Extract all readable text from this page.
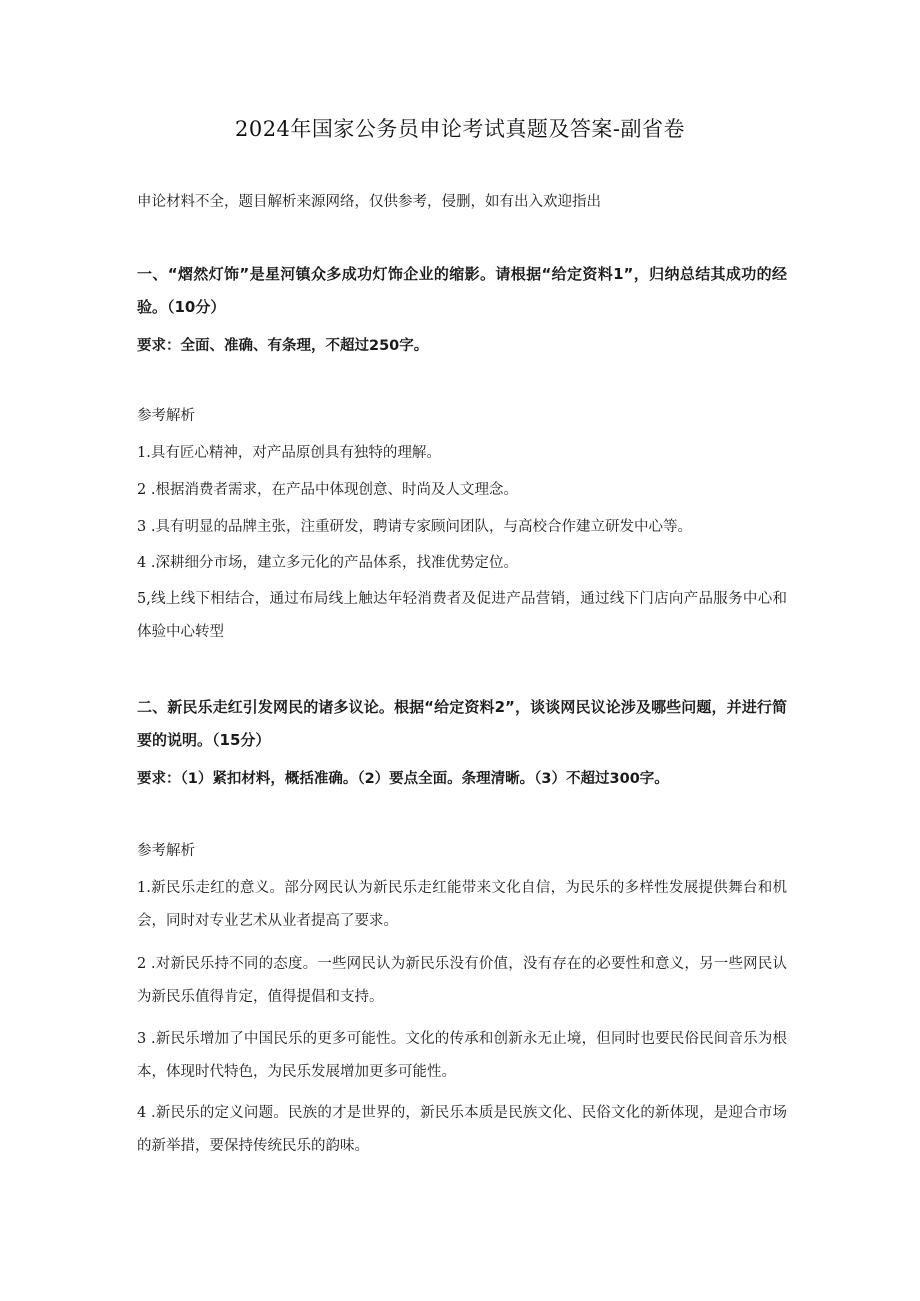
2024年国家公务员申论考试真题及答案-副省卷
申论材料不全，题目解析来源网络，仅供参考，侵删，如有出入欢迎指出
一、“熠然灯饰”是星河镇众多成功灯饰企业的缩影。请根据“给定资料1”，归纳总结其成功的经验。（10分）
要求：全面、准确、有条理，不超过250字。
参考解析
1.具有匠心精神，对产品原创具有独特的理解。
2 .根据消费者需求，在产品中体现创意、时尚及人文理念。
3 .具有明显的品牌主张，注重研发，聘请专家顾问团队，与高校合作建立研发中心等。
4 .深耕细分市场，建立多元化的产品体系，找准优势定位。
5,线上线下相结合，通过布局线上触达年轻消费者及促进产品营销，通过线下门店向产品服务中心和体验中心转型
二、新民乐走红引发网民的诸多议论。根据“给定资料2”，谈谈网民议论涉及哪些问题，并进行简要的说明。（15分）
要求：（1）紧扣材料，概括准确。（2）要点全面。条理清晰。（3）不超过300字。
参考解析
1.新民乐走红的意义。部分网民认为新民乐走红能带来文化自信，为民乐的多样性发展提供舞台和机会，同时对专业艺术从业者提高了要求。
2 .对新民乐持不同的态度。一些网民认为新民乐没有价值，没有存在的必要性和意义，另一些网民认为新民乐值得肯定，值得提倡和支持。
3 .新民乐增加了中国民乐的更多可能性。文化的传承和创新永无止境，但同时也要民俗民间音乐为根本，体现时代特色，为民乐发展增加更多可能性。
4 .新民乐的定义问题。民族的才是世界的，新民乐本质是民族文化、民俗文化的新体现，是迎合市场的新举措，要保持传统民乐的韵味。
